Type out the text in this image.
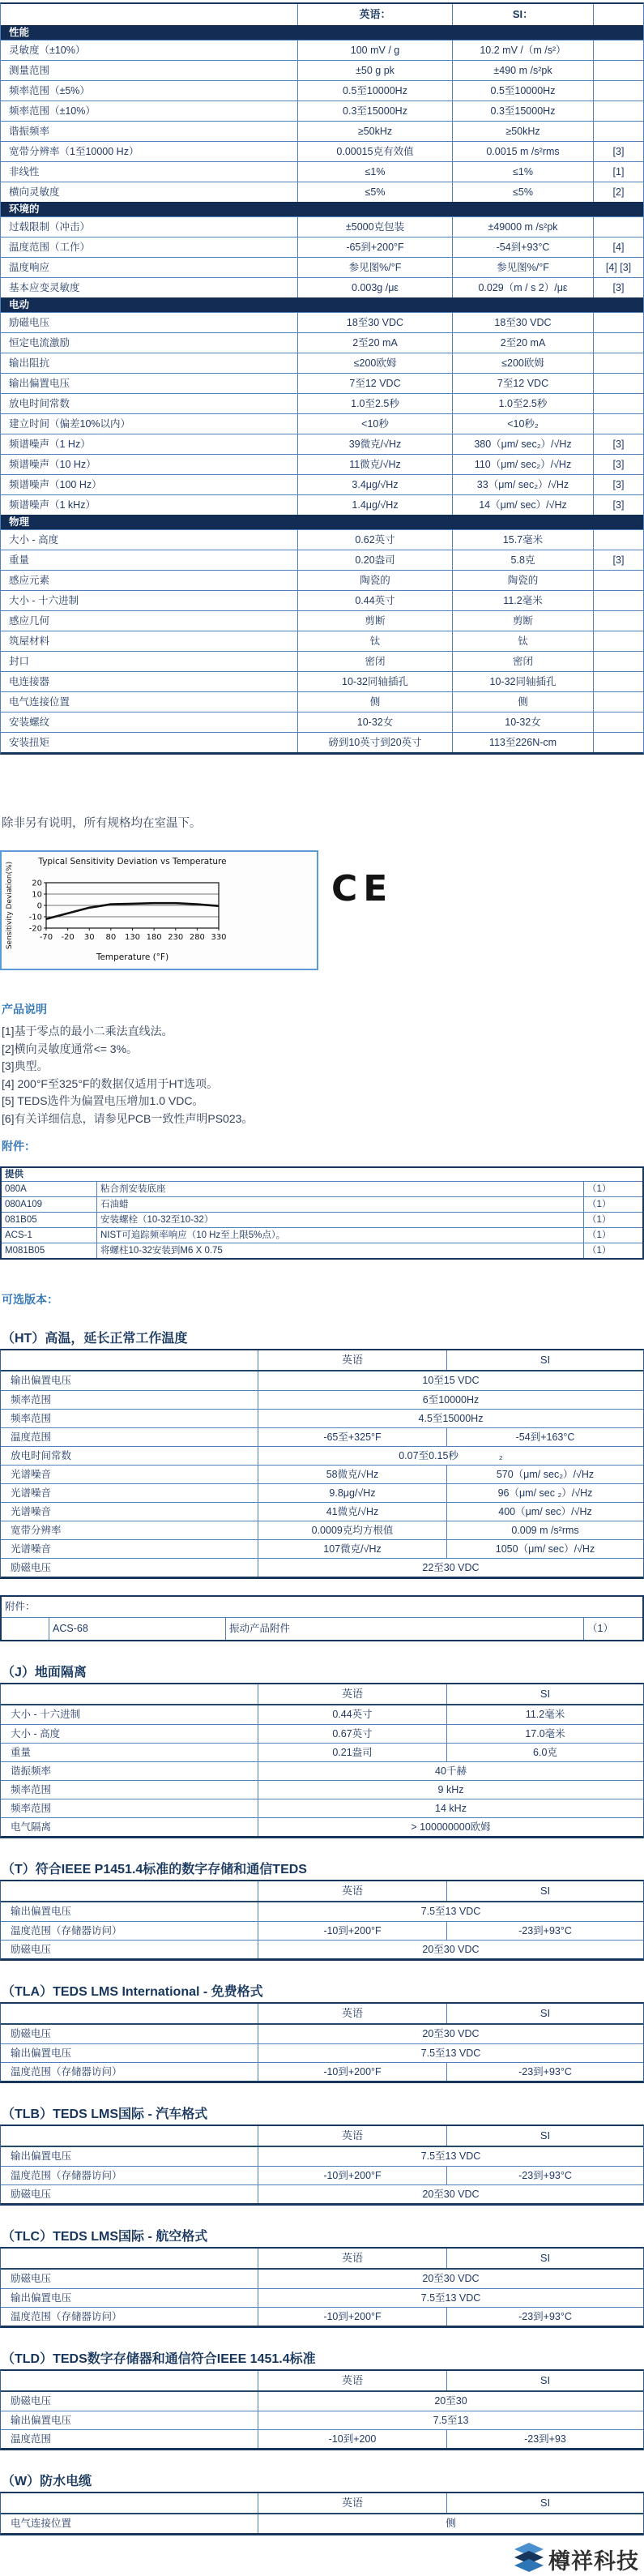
英语：	SI：
性能
灵敏度（±10%）	100 mV / g	10.2 mV /（m /s²）
测量范围	±50 g pk	±490 m /s²pk
频率范围（±5%）	0.5至10000Hz	0.5至10000Hz
频率范围（±10%）	0.3至15000Hz	0.3至15000Hz
谐振频率	≥50kHz	≥50kHz
宽带分辨率（1至10000 Hz）	0.00015克有效值	0.0015 m /s²rms	[3]
非线性	≤1%	≤1%	[1]
横向灵敏度	≤5%	≤5%	[2]
环境的
过载限制（冲击）	±5000克包装	±49000 m /s²pk
温度范围（工作）	-65到+200°F	-54到+93°C	[4]
温度响应	参见图%/°F	参见图%/°F	[4] [3]
基本应变灵敏度	0.003g /με	0.029（m / s 2）/με	[3]
电动
励磁电压	18至30 VDC	18至30 VDC
恒定电流激励	2至20 mA	2至20 mA
输出阻抗	≤200欧姆	≤200欧姆
输出偏置电压	7至12 VDC	7至12 VDC
放电时间常数	1.0至2.5秒	1.0至2.5秒
建立时间（偏差10%以内）	<10秒	<10秒₂
频谱噪声（1 Hz）	39微克/√Hz	380（μm/ sec₂）/√Hz	[3]
频谱噪声（10 Hz）	11微克/√Hz	110（μm/ sec₂）/√Hz	[3]
频谱噪声（100 Hz）	3.4μg/√Hz	33（μm/ sec₂）/√Hz	[3]
频谱噪声（1 kHz）	1.4μg/√Hz	14（μm/ sec）/√Hz	[3]
物理
大小 - 高度	0.62英寸	15.7毫米
重量	0.20盎司	5.8克	[3]
感应元素	陶瓷的	陶瓷的
大小 - 十六进制	0.44英寸	11.2毫米
感应几何	剪断	剪断
筑屋材料	钛	钛
封口	密闭	密闭
电连接器	10-32同轴插孔	10-32同轴插孔
电气连接位置	侧	侧
安装螺纹	10-32女	10-32女
安装扭矩	磅到10英寸到20英寸	113至226N-cm
除非另有说明，所有规格均在室温下。
20
10
0
-10
-20
-70 -20 30 80 130 180 230 280 330
Typical Sensitivity Deviation vs Temperature
Temperature (°F)
Sensitivity Deviation(%)	CE
产品说明
[1]基于零点的最小二乘法直线法。
[2]横向灵敏度通常<= 3%。
[3]典型。
[4] 200°F至325°F的数据仅适用于HT选项。
[5] TEDS选件为偏置电压增加1.0 VDC。
[6]有关详细信息，请参见PCB一致性声明PS023。
附件：
提供
080A	粘合剂安装底座	（1）
080A109	石油蜡	（1）
081B05	安装螺栓（10-32至10-32）	（1）
ACS-1	NIST可追踪频率响应（10 Hz至上限5%点）。	（1）
M081B05	将螺柱10-32安装到M6 X 0.75	（1）
可选版本：
（HT）高温，延长正常工作温度
英语	SI
输出偏置电压	10至15 VDC
频率范围	6至10000Hz
频率范围	4.5至15000Hz
温度范围	-65至+325°F	-54到+163°C
放电时间常数	0.07至0.15秒　　　　₂
光谱噪音	58微克/√Hz	570（μm/ sec₂）/√Hz
光谱噪音	9.8μg/√Hz	96（μm/ sec ₂）/√Hz
光谱噪音	41微克/√Hz	400（μm/ sec）/√Hz
宽带分辨率	0.0009克均方根值	0.009 m /s²rms
光谱噪音	107微克/√Hz	1050（μm/ sec）/√Hz
励磁电压	22至30 VDC
附件：
ACS-68	振动产品附件	（1）
（J）地面隔离
英语	SI
大小 - 十六进制	0.44英寸	11.2毫米
大小 - 高度	0.67英寸	17.0毫米
重量	0.21盎司	6.0克
谐振频率	40千赫
频率范围	9 kHz
频率范围	14 kHz
电气隔离	> 100000000欧姆
（T）符合IEEE P1451.4标准的数字存储和通信TEDS
英语	SI
输出偏置电压	7.5至13 VDC
温度范围（存储器访问）	-10到+200°F	-23到+93°C
励磁电压	20至30 VDC
（TLA）TEDS LMS International - 免费格式
英语	SI
励磁电压	20至30 VDC
输出偏置电压	7.5至13 VDC
温度范围（存储器访问）	-10到+200°F	-23到+93°C
（TLB）TEDS LMS国际 - 汽车格式
英语	SI
输出偏置电压	7.5至13 VDC
温度范围（存储器访问）	-10到+200°F	-23到+93°C
励磁电压	20至30 VDC
（TLC）TEDS LMS国际 - 航空格式
英语	SI
励磁电压	20至30 VDC
输出偏置电压	7.5至13 VDC
温度范围（存储器访问）	-10到+200°F	-23到+93°C
（TLD）TEDS数字存储器和通信符合IEEE 1451.4标准
英语	SI
励磁电压	20至30
输出偏置电压	7.5至13
温度范围	-10到+200	-23到+93
（W）防水电缆
英语	SI
电气连接位置	侧
樽祥科技
